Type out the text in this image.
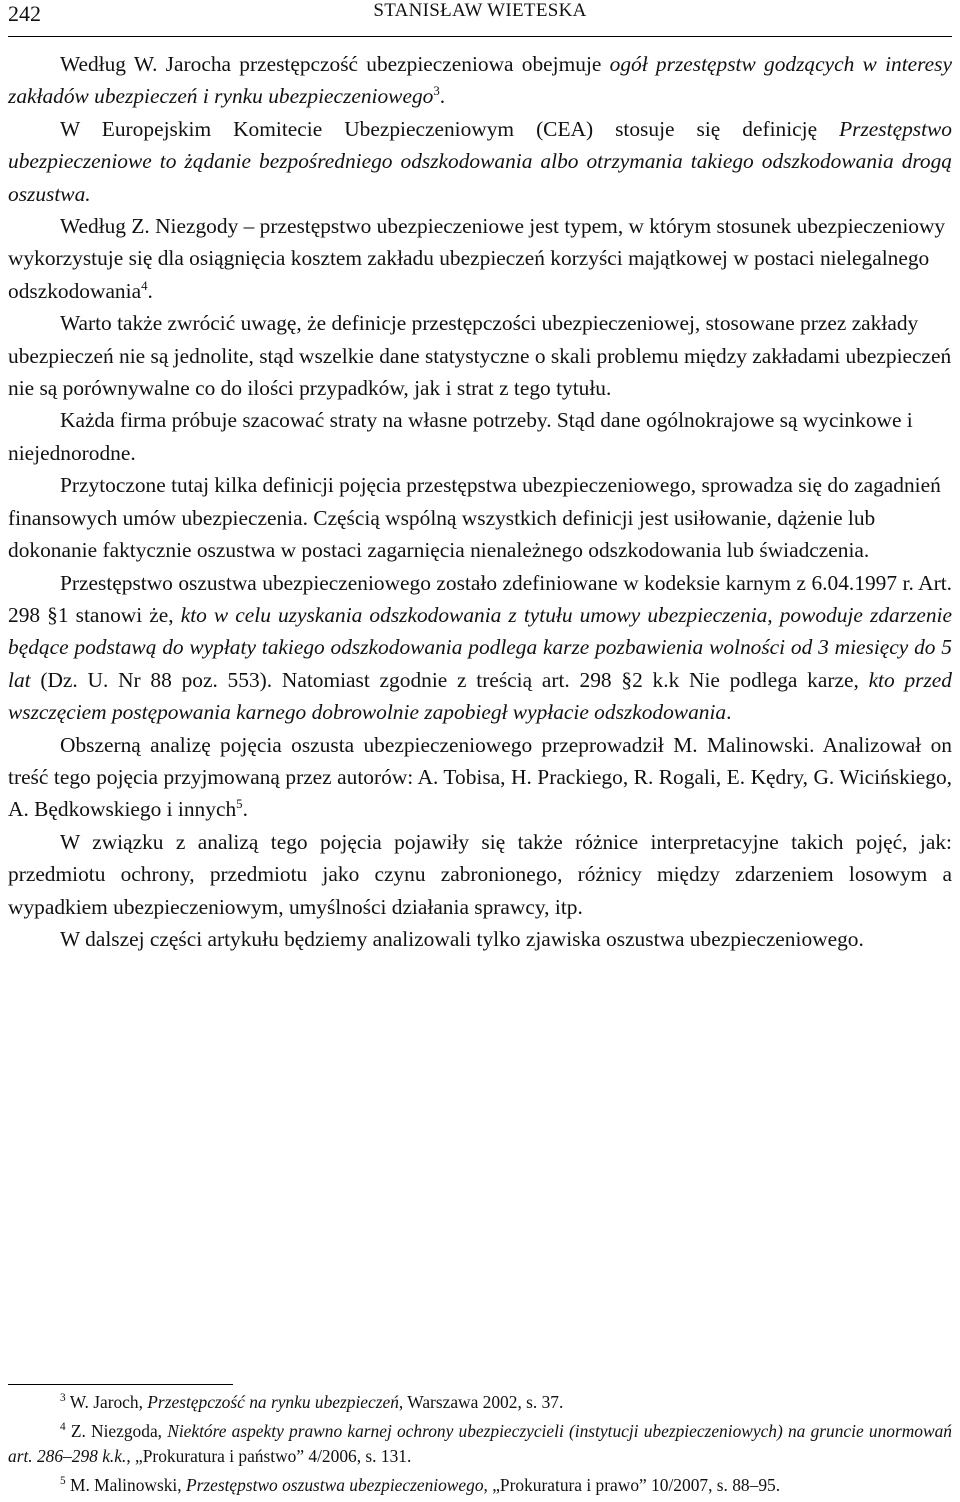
242	STANISŁAW WIETESKA

Według W. Jarocha przestępczość ubezpieczeniowa obejmuje ogół przestępstw godzących w interesy zakładów ubezpieczeń i rynku ubezpieczeniowego$^3$.

W Europejskim Komitecie Ubezpieczeniowym (CEA) stosuje się definicję Przestępstwo ubezpieczeniowe to żądanie bezpośredniego odszkodowania albo otrzymania takiego odszkodowania drogą oszustwa.

Według Z. Niezgody – przestępstwo ubezpieczeniowe jest typem, w którym stosunek ubezpieczeniowy wykorzystuje się dla osiągnięcia kosztem zakładu ubezpieczeń korzyści majątkowej w postaci nielegalnego odszkodowania$^4$.

Warto także zwrócić uwagę, że definicje przestępczości ubezpieczeniowej, stosowane przez zakłady ubezpieczeń nie są jednolite, stąd wszelkie dane statystyczne o skali problemu między zakładami ubezpieczeń nie są porównywalne co do ilości przypadków, jak i strat z tego tytułu.

Każda firma próbuje szacować straty na własne potrzeby. Stąd dane ogólnokrajowe są wycinkowe i niejednorodne.

Przytoczone tutaj kilka definicji pojęcia przestępstwa ubezpieczeniowego, sprowadza się do zagadnień finansowych umów ubezpieczenia. Częścią wspólną wszystkich definicji jest usiłowanie, dążenie lub dokonanie faktycznie oszustwa w postaci zagarnięcia nienależnego odszkodowania lub świadczenia.

Przestępstwo oszustwa ubezpieczeniowego zostało zdefiniowane w kodeksie karnym z 6.04.1997 r. Art. 298 §1 stanowi że, kto w celu uzyskania odszkodowania z tytułu umowy ubezpieczenia, powoduje zdarzenie będące podstawą do wypłaty takiego odszkodowania podlega karze pozbawienia wolności od 3 miesięcy do 5 lat (Dz. U. Nr 88 poz. 553). Natomiast zgodnie z treścią art. 298 §2 k.k Nie podlega karze, kto przed wszczęciem postępowania karnego dobrowolnie zapobiegł wypłacie odszkodowania.

Obszerną analizę pojęcia oszusta ubezpieczeniowego przeprowadził M. Malinowski. Analizował on treść tego pojęcia przyjmowaną przez autorów: A. Tobisa, H. Prackiego, R. Rogali, E. Kędry, G. Wicińskiego, A. Będkowskiego i innych$^5$.

W związku z analizą tego pojęcia pojawiły się także różnice interpretacyjne takich pojęć, jak: przedmiotu ochrony, przedmiotu jako czynu zabronionego, różnicy między zdarzeniem losowym a wypadkiem ubezpieczeniowym, umyślności działania sprawcy, itp.

W dalszej części artykułu będziemy analizowali tylko zjawiska oszustwa ubezpieczeniowego.

$^3$ W. Jaroch, Przestępczość na rynku ubezpieczeń, Warszawa 2002, s. 37.

$^4$ Z. Niezgoda, Niektóre aspekty prawno karnej ochrony ubezpieczycieli (instytucji ubezpieczeniowych) na gruncie unormowań art. 286–298 k.k., „Prokuratura i państwo” 4/2006, s. 131.

$^5$ M. Malinowski, Przestępstwo oszustwa ubezpieczeniowego, „Prokuratura i prawo” 10/2007, s. 88–95.
